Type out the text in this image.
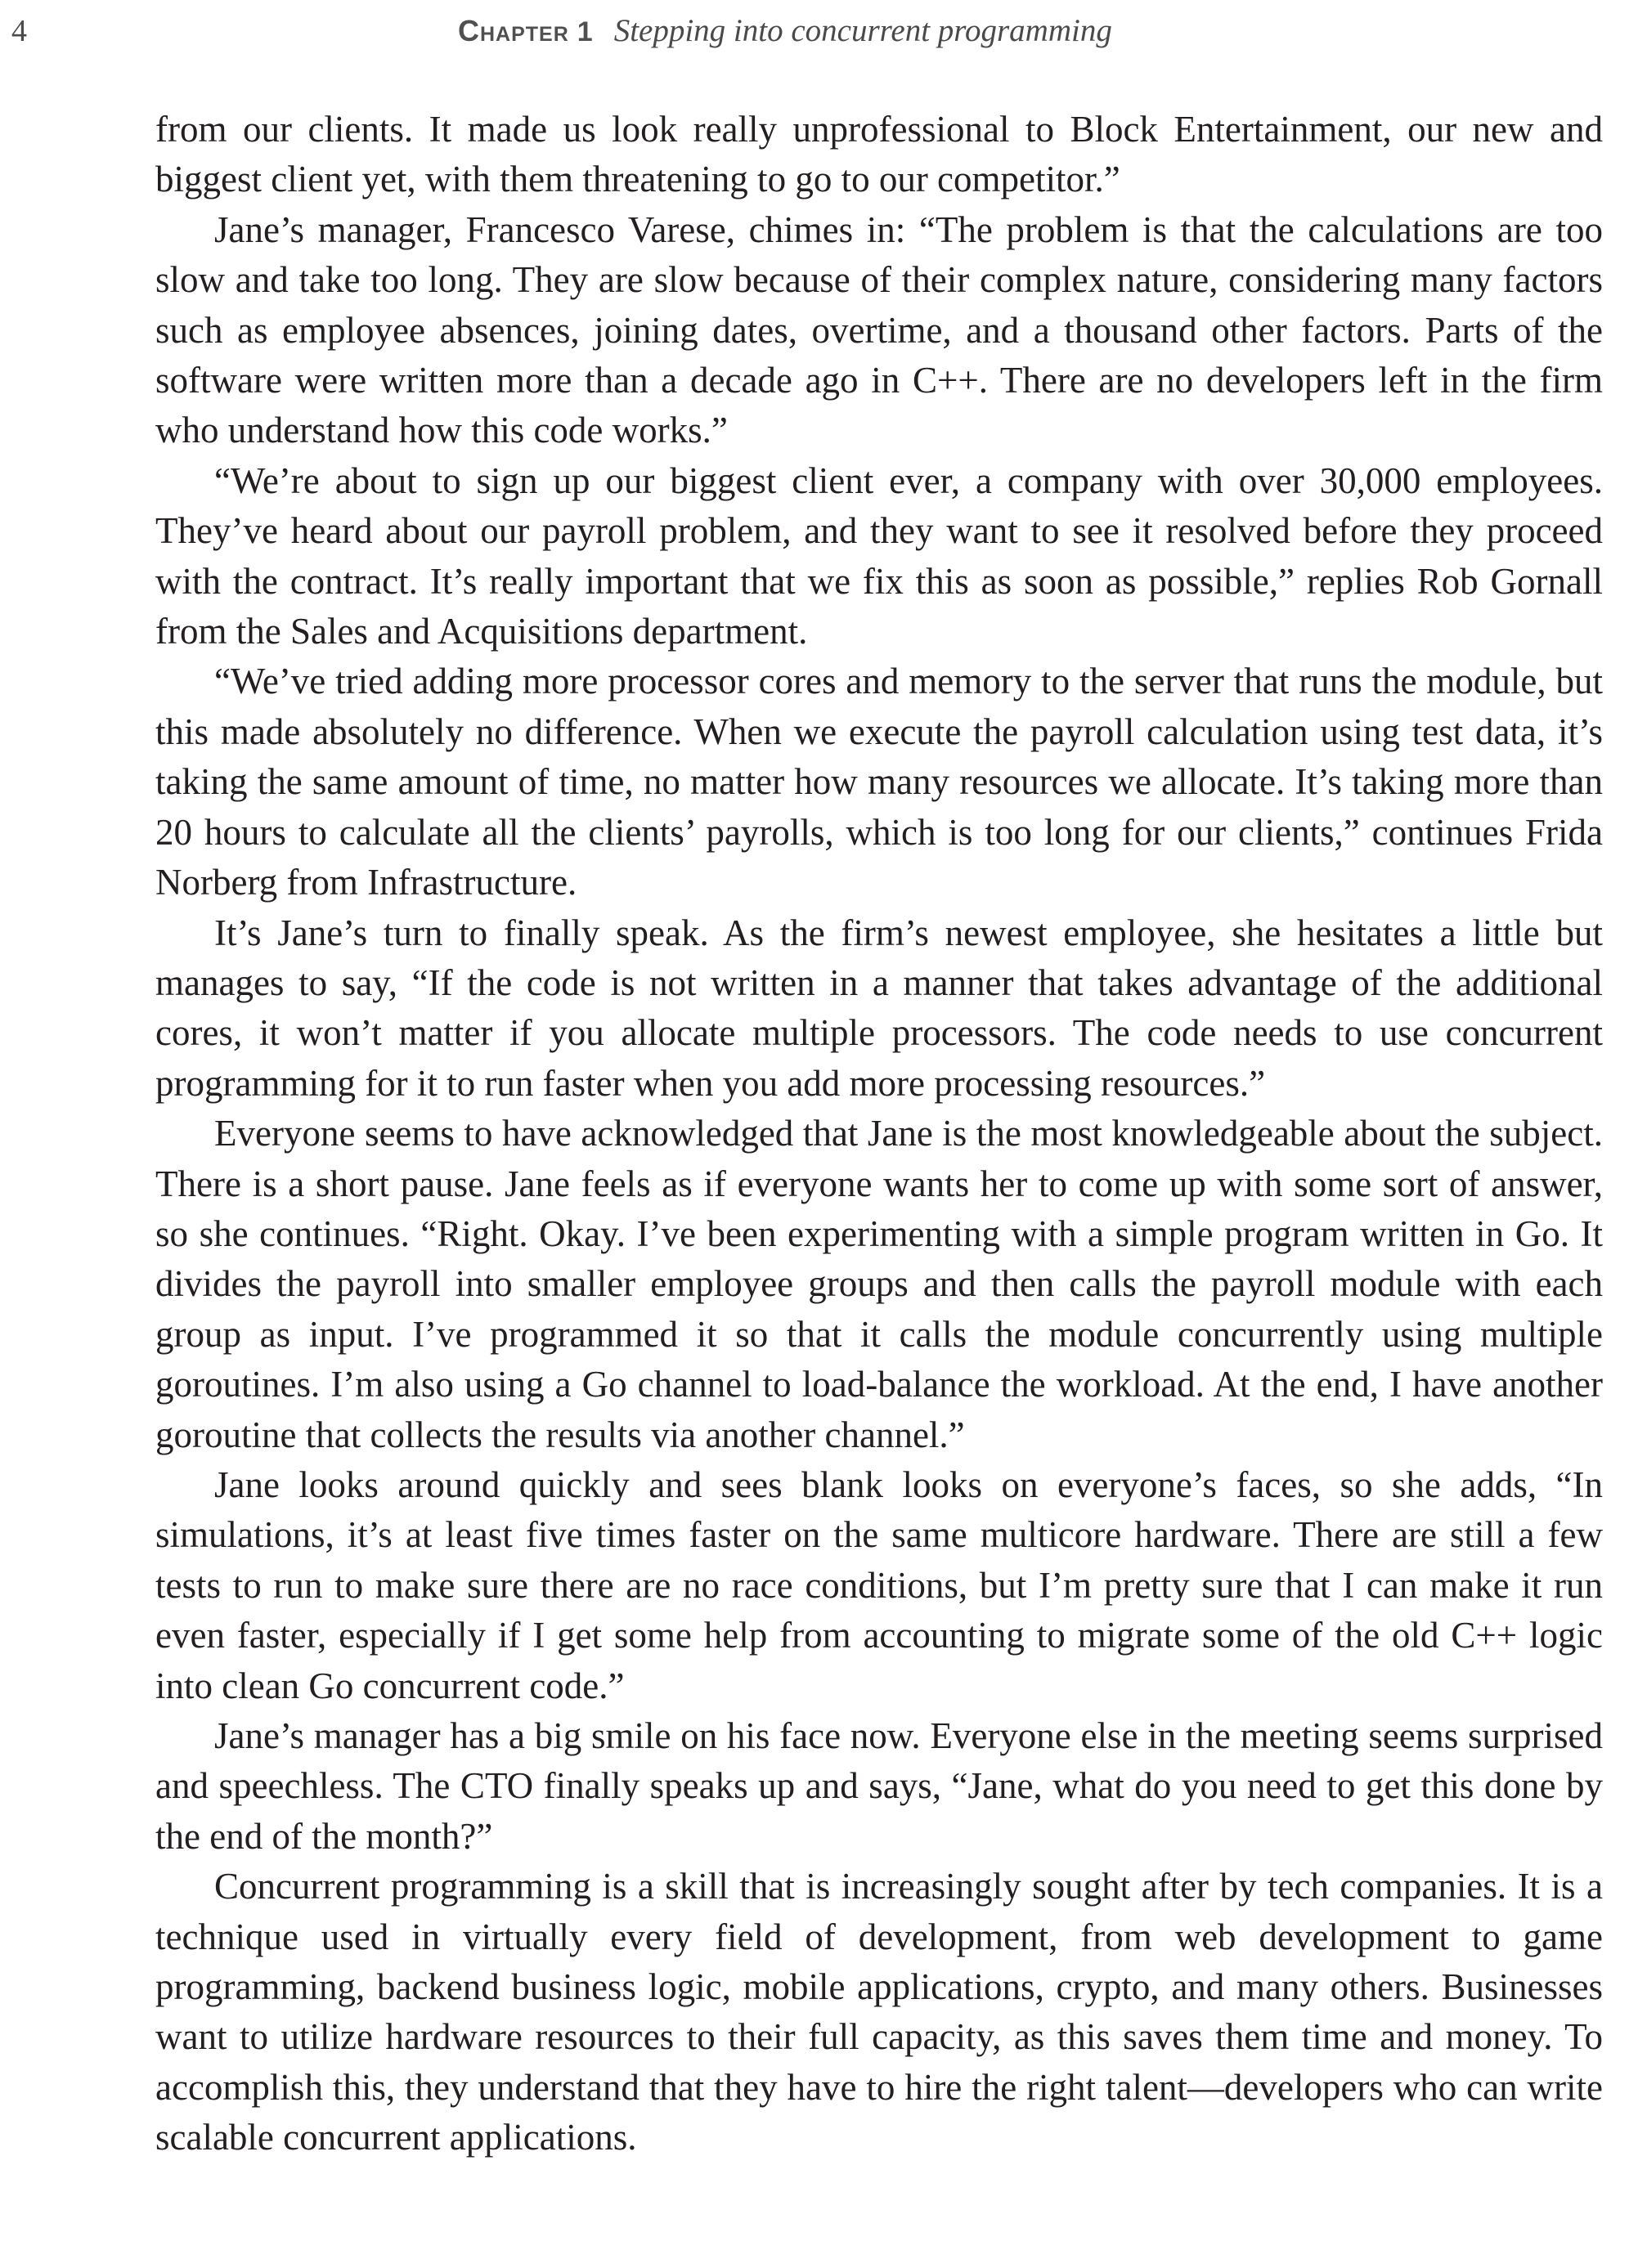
4	Chapter 1 Stepping into concurrent programming

from our clients. It made us look really unprofessional to Block Entertainment, our new and biggest client yet, with them threatening to go to our competitor.”

Jane’s manager, Francesco Varese, chimes in: “The problem is that the calculations are too slow and take too long. They are slow because of their complex nature, considering many factors such as employee absences, joining dates, overtime, and a thousand other factors. Parts of the software were written more than a decade ago in C++. There are no developers left in the firm who understand how this code works.”

“We’re about to sign up our biggest client ever, a company with over 30,000 employees. They’ve heard about our payroll problem, and they want to see it resolved before they proceed with the contract. It’s really important that we fix this as soon as possible,” replies Rob Gornall from the Sales and Acquisitions department.

“We’ve tried adding more processor cores and memory to the server that runs the module, but this made absolutely no difference. When we execute the payroll calculation using test data, it’s taking the same amount of time, no matter how many resources we allocate. It’s taking more than 20 hours to calculate all the clients’ payrolls, which is too long for our clients,” continues Frida Norberg from Infrastructure.

It’s Jane’s turn to finally speak. As the firm’s newest employee, she hesitates a little but manages to say, “If the code is not written in a manner that takes advantage of the additional cores, it won’t matter if you allocate multiple processors. The code needs to use concurrent programming for it to run faster when you add more processing resources.”

Everyone seems to have acknowledged that Jane is the most knowledgeable about the subject. There is a short pause. Jane feels as if everyone wants her to come up with some sort of answer, so she continues. “Right. Okay. I’ve been experimenting with a simple program written in Go. It divides the payroll into smaller employee groups and then calls the payroll module with each group as input. I’ve programmed it so that it calls the module concurrently using multiple goroutines. I’m also using a Go channel to load-balance the workload. At the end, I have another goroutine that collects the results via another channel.”

Jane looks around quickly and sees blank looks on everyone’s faces, so she adds, “In simulations, it’s at least five times faster on the same multicore hardware. There are still a few tests to run to make sure there are no race conditions, but I’m pretty sure that I can make it run even faster, especially if I get some help from accounting to migrate some of the old C++ logic into clean Go concurrent code.”

Jane’s manager has a big smile on his face now. Everyone else in the meeting seems surprised and speechless. The CTO finally speaks up and says, “Jane, what do you need to get this done by the end of the month?”

Concurrent programming is a skill that is increasingly sought after by tech companies. It is a technique used in virtually every field of development, from web development to game programming, backend business logic, mobile applications, crypto, and many others. Businesses want to utilize hardware resources to their full capacity, as this saves them time and money. To accomplish this, they understand that they have to hire the right talent—developers who can write scalable concurrent applications.
